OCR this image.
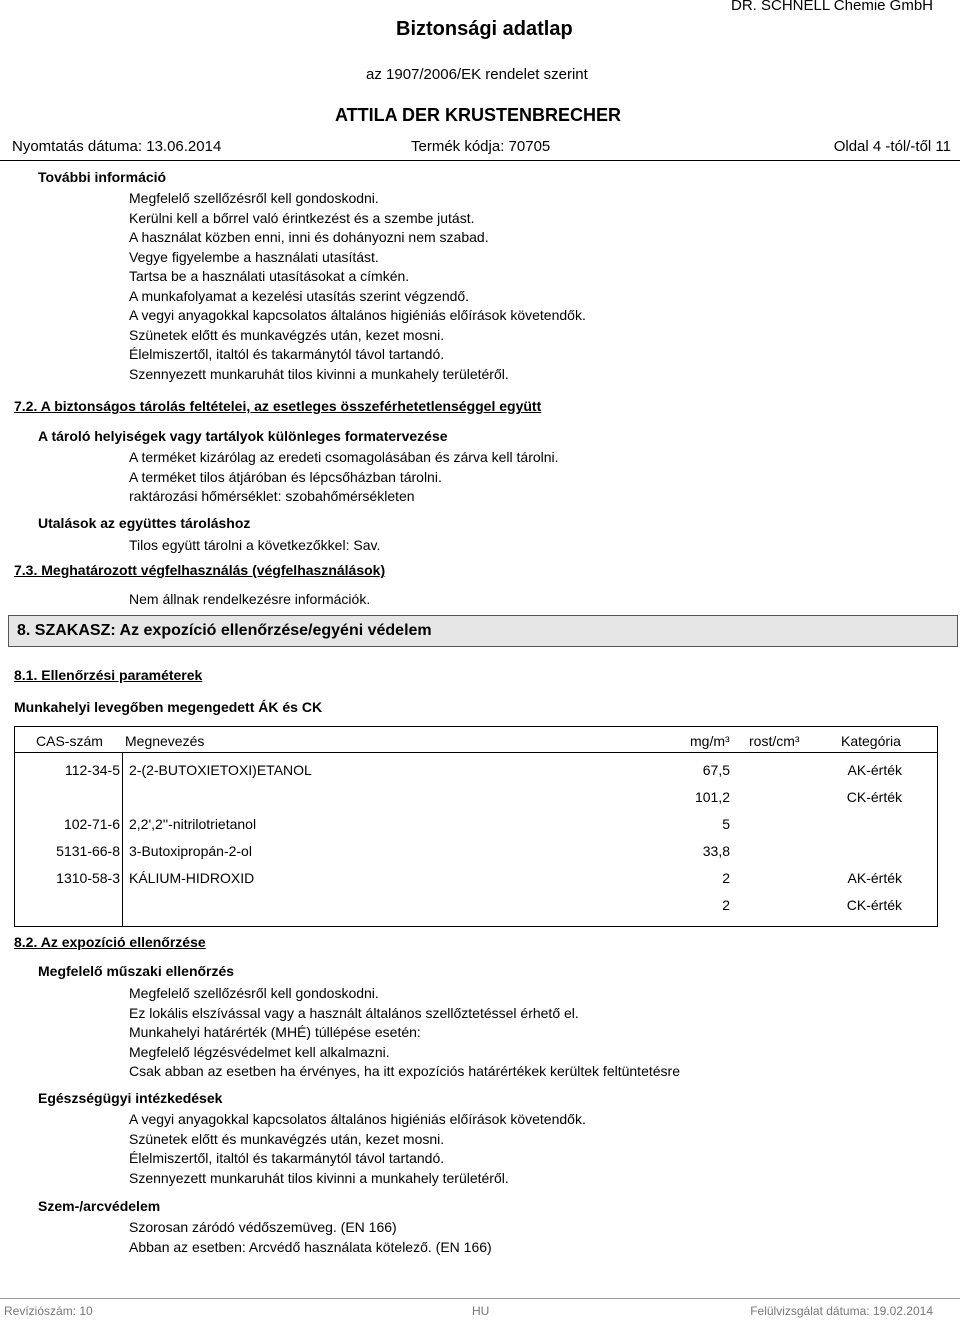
Biztonsági adatlap
DR. SCHNELL Chemie GmbH
az 1907/2006/EK rendelet szerint
ATTILA DER KRUSTENBRECHER
Nyomtatás dátuma: 13.06.2014	Termék kódja: 70705	Oldal 4 -tól/-től 11
További információ
Megfelelő szellőzésről kell gondoskodni.
Kerülni kell a bőrrel való érintkezést és a szembe jutást.
A használat közben enni, inni és dohányozni nem szabad.
Vegye figyelembe a használati utasítást.
Tartsa be a használati utasításokat a címkén.
A munkafolyamat a kezelési utasítás szerint végzendő.
A vegyi anyagokkal kapcsolatos általános higiéniás előírások követendők.
Szünetek előtt és munkavégzés után, kezet mosni.
Élelmiszertől, italtól és takarmánytól távol tartandó.
Szennyezett munkaruhát tilos kivinni a munkahely területéről.
7.2. A biztonságos tárolás feltételei, az esetleges összeférhetetlenséggel együtt
A tároló helyiségek vagy tartályok különleges formatervezése
A terméket kizárólag az eredeti csomagolásában és zárva kell tárolni.
A terméket tilos átjáróban és lépcsőházban tárolni.
raktározási hőmérséklet: szobahőmérsékleten
Utalások az együttes tároláshoz
Tilos együtt tárolni a következőkkel: Sav.
7.3. Meghatározott végfelhasználás (végfelhasználások)
Nem állnak rendelkezésre információk.
8. SZAKASZ: Az expozíció ellenőrzése/egyéni védelem
8.1. Ellenőrzési paraméterek
Munkahelyi levegőben megengedett ÁK és CK
CAS-szám Megnevezés	mg/m³ rost/cm³	Kategória
112-34-5 2-(2-BUTOXIETOXI)ETANOL	67,5	AK-érték
101,2	CK-érték
102-71-6 2,2',2''-nitrilotrietanol	5
5131-66-8 3-Butoxipropán-2-ol	33,8
1310-58-3 KÁLIUM-HIDROXID	2	AK-érték
2	CK-érték
8.2. Az expozíció ellenőrzése
Megfelelő műszaki ellenőrzés
Megfelelő szellőzésről kell gondoskodni.
Ez lokális elszívással vagy a használt általános szellőztetéssel érhető el.
Munkahelyi határérték (MHÉ) túllépése esetén:
Megfelelő légzésvédelmet kell alkalmazni.
Csak abban az esetben ha érvényes, ha itt expozíciós határértékek kerültek feltüntetésre
Egészségügyi intézkedések
A vegyi anyagokkal kapcsolatos általános higiéniás előírások követendők.
Szünetek előtt és munkavégzés után, kezet mosni.
Élelmiszertől, italtól és takarmánytól távol tartandó.
Szennyezett munkaruhát tilos kivinni a munkahely területéről.
Szem-/arcvédelem
Szorosan záródó védőszemüveg. (EN 166)
Abban az esetben: Arcvédő használata kötelező. (EN 166)
Revíziószám: 10	HU	Felülvizsgálat dátuma: 19.02.2014
